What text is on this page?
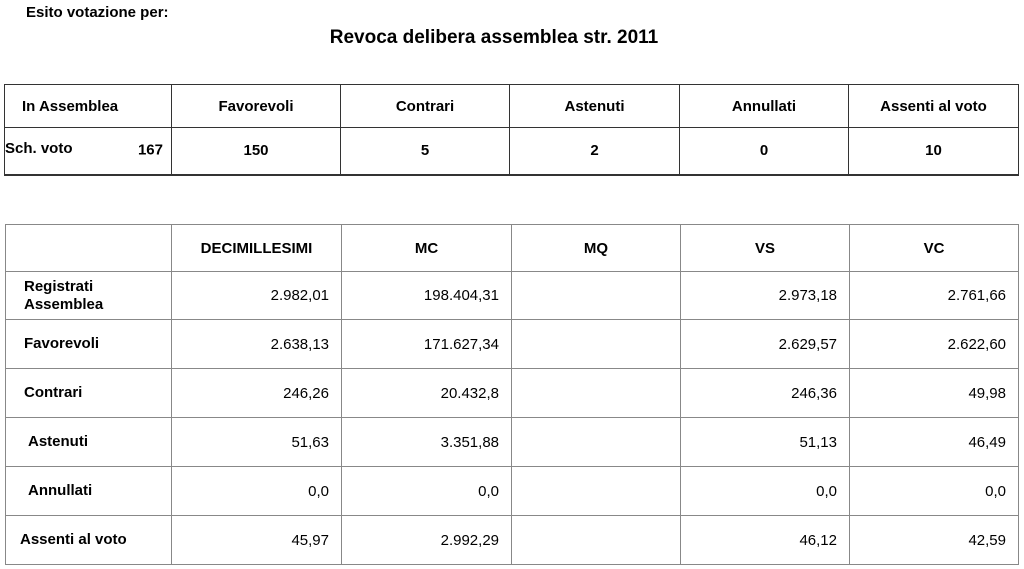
Esito votazione per:
Revoca delibera assemblea str. 2011
In Assemblea	Favorevoli	Contrari	Astenuti	Annullati	Assenti al voto
Sch. voto 167	150	5	2	0	10
	DECIMILLESIMI	MC	MQ	VS	VC
Registrati
Assemblea	2.982,01	198.404,31		2.973,18	2.761,66
Favorevoli	2.638,13	171.627,34		2.629,57	2.622,60
Contrari	246,26	20.432,8		246,36	49,98
Astenuti	51,63	3.351,88		51,13	46,49
Annullati	0,0	0,0		0,0	0,0
Assenti al voto	45,97	2.992,29		46,12	42,59
